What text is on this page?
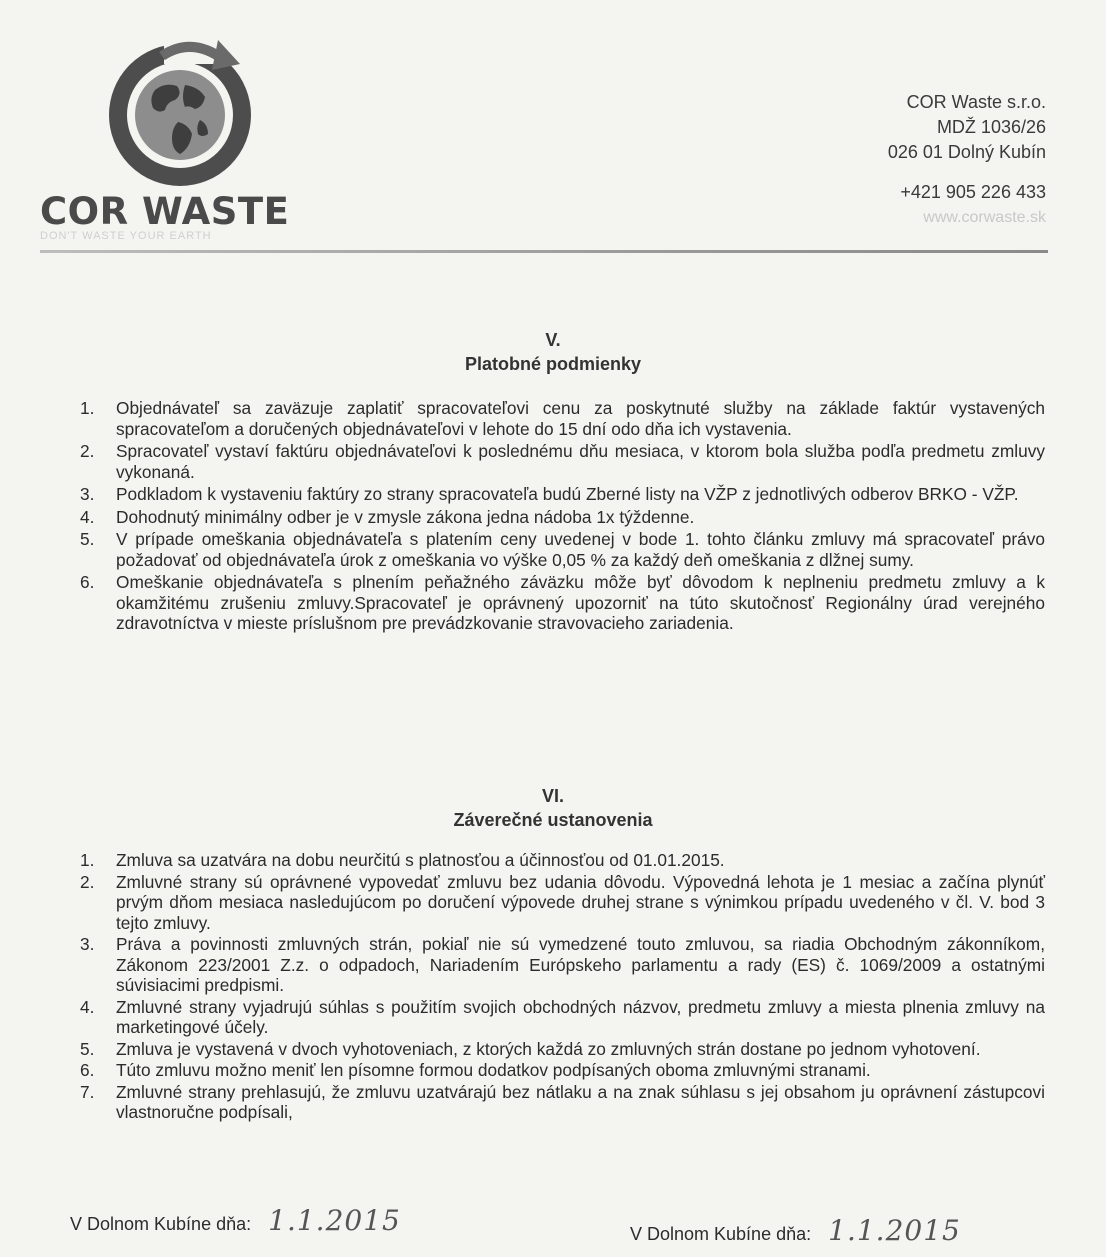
COR WASTE
DON'T WASTE YOUR EARTH
COR Waste s.r.o.
MDŽ 1036/26
026 01 Dolný Kubín
+421 905 226 433
www.corwaste.sk
V.
Platobné podmienky
1. Objednávateľ sa zaväzuje zaplatiť spracovateľovi cenu za poskytnuté služby na základe faktúr vystavených spracovateľom a doručených objednávateľovi v lehote do 15 dní odo dňa ich vystavenia.
2. Spracovateľ vystaví faktúru objednávateľovi k poslednému dňu mesiaca, v ktorom bola služba podľa predmetu zmluvy vykonaná.
3. Podkladom k vystaveniu faktúry zo strany spracovateľa budú Zberné listy na VŽP z jednotlivých odberov BRKO - VŽP.
4. Dohodnutý minimálny odber je v zmysle zákona jedna nádoba 1x týždenne.
5. V prípade omeškania objednávateľa s platením ceny uvedenej v bode 1. tohto článku zmluvy má spracovateľ právo požadovať od objednávateľa úrok z omeškania vo výške 0,05 % za každý deň omeškania z dlžnej sumy.
6. Omeškanie objednávateľa s plnením peňažného záväzku môže byť dôvodom k neplneniu predmetu zmluvy a k okamžitému zrušeniu zmluvy.Spracovateľ je oprávnený upozorniť na túto skutočnosť Regionálny úrad verejného zdravotníctva v mieste príslušnom pre prevádzkovanie stravovacieho zariadenia.
VI.
Záverečné ustanovenia
1. Zmluva sa uzatvára na dobu neurčitú s platnosťou a účinnosťou od 01.01.2015.
2. Zmluvné strany sú oprávnené vypovedať zmluvu bez udania dôvodu. Výpovedná lehota je 1 mesiac a začína plynúť prvým dňom mesiaca nasledujúcom po doručení výpovede druhej strane s výnimkou prípadu uvedeného v čl. V. bod 3 tejto zmluvy.
3. Práva a povinnosti zmluvných strán, pokiaľ nie sú vymedzené touto zmluvou, sa riadia Obchodným zákonníkom, Zákonom 223/2001 Z.z. o odpadoch, Nariadením Európskeho parlamentu a rady (ES) č. 1069/2009 a ostatnými súvisiacimi predpismi.
4. Zmluvné strany vyjadrujú súhlas s použitím svojich obchodných názvov, predmetu zmluvy a miesta plnenia zmluvy na marketingové účely.
5. Zmluva je vystavená v dvoch vyhotoveniach, z ktorých každá zo zmluvných strán dostane po jednom vyhotovení.
6. Túto zmluvu možno meniť len písomne formou dodatkov podpísaných oboma zmluvnými stranami.
7. Zmluvné strany prehlasujú, že zmluvu uzatvárajú bez nátlaku a na znak súhlasu s jej obsahom ju oprávnení zástupcovi vlastnoručne podpísali,
V Dolnom Kubíne dňa: 1.1.2015	V Dolnom Kubíne dňa: 1.1.2015
